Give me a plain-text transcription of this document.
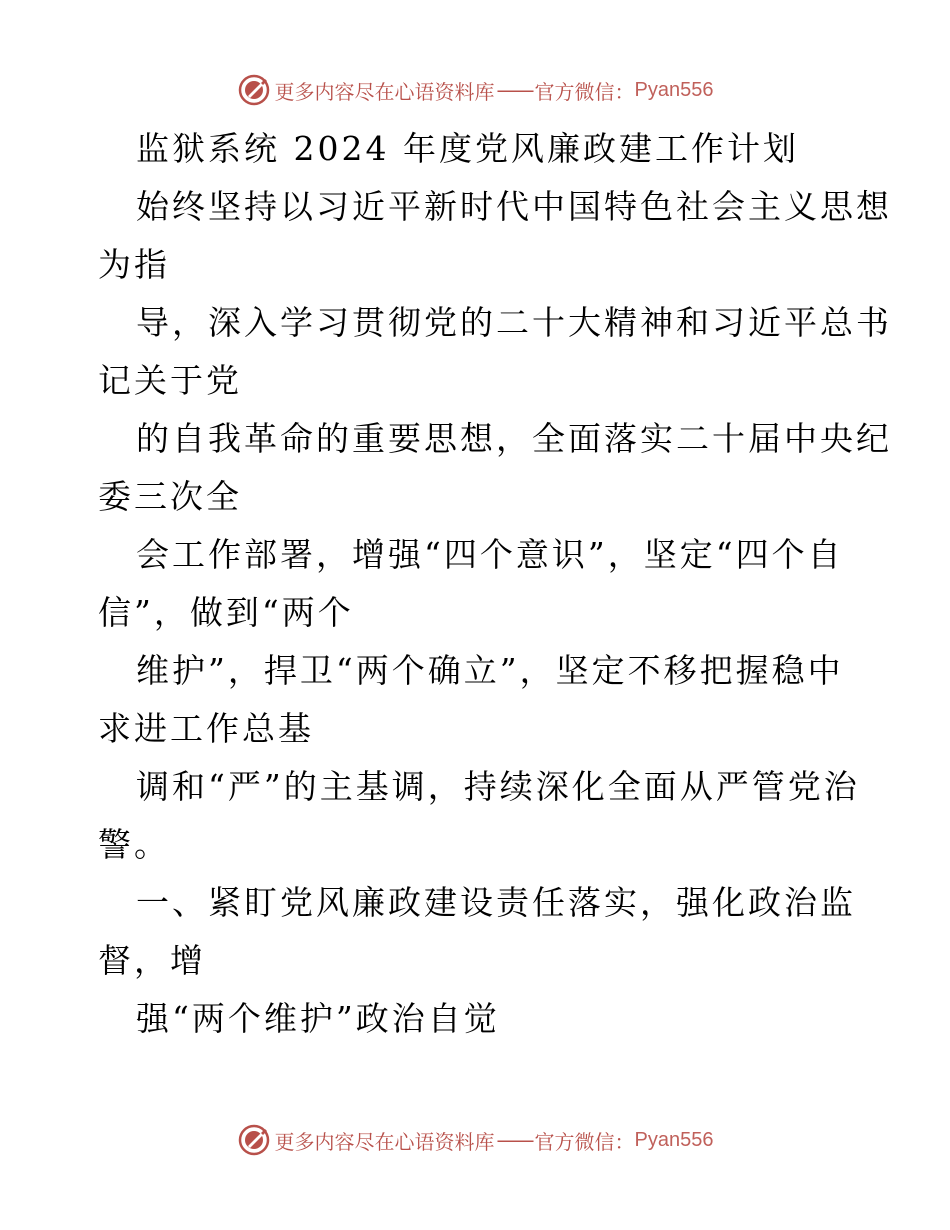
更多内容尽在心语资料库 —— 官方微信： Pyan556
监狱系统 2024 年度党风廉政建工作计划
始终坚持以习近平新时代中国特色社会主义思想
为指
导，深入学习贯彻党的二十大精神和习近平总书
记关于党
的自我革命的重要思想，全面落实二十届中央纪
委三次全
会工作部署，增强“四个意识”，坚定“四个自
信”，做到“两个
维护”，捍卫“两个确立”，坚定不移把握稳中
求进工作总基
调和“严”的主基调，持续深化全面从严管党治
警。
一、紧盯党风廉政建设责任落实，强化政治监
督，增
强“两个维护”政治自觉
更多内容尽在心语资料库 —— 官方微信： Pyan556
